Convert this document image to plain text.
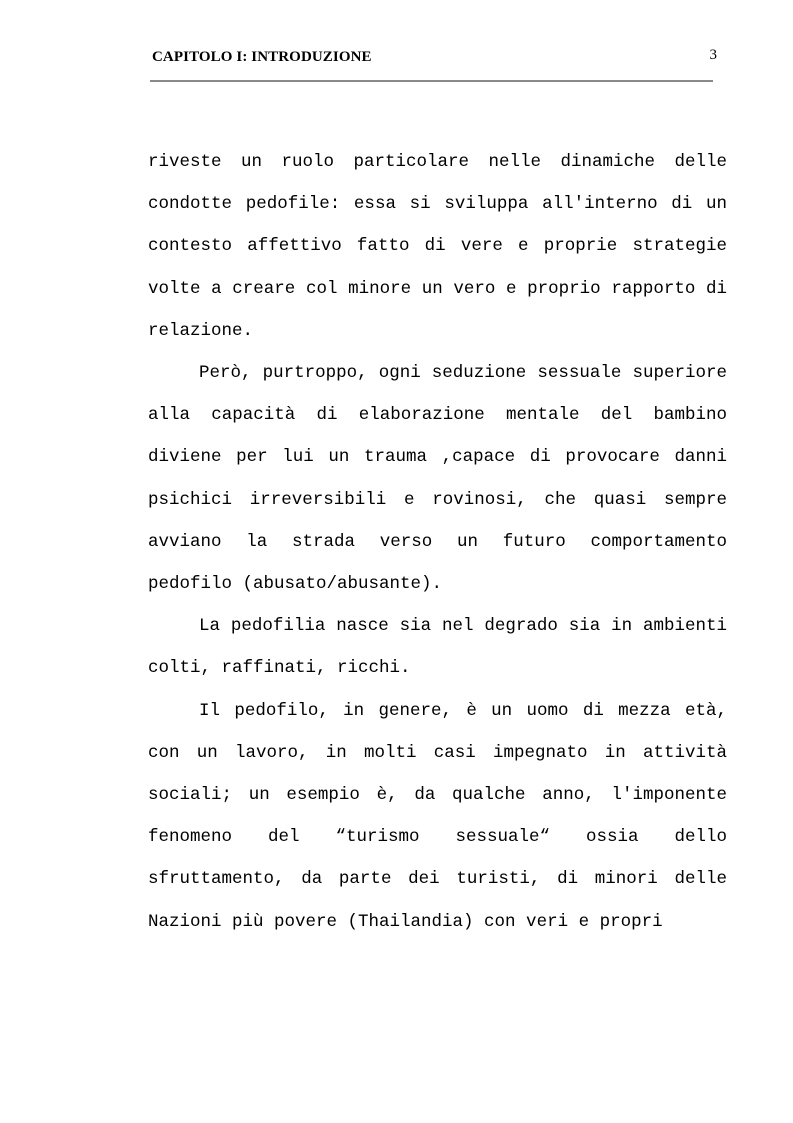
CAPITOLO I: INTRODUZIONE	3

riveste un ruolo particolare nelle dinamiche delle condotte pedofile: essa si sviluppa all'interno di un contesto affettivo fatto di vere e proprie strategie volte a creare col minore un vero e proprio rapporto di relazione.

Però, purtroppo, ogni seduzione sessuale superiore alla capacità di elaborazione mentale del bambino diviene per lui un trauma ,capace di provocare danni psichici irreversibili e rovinosi, che quasi sempre avviano la strada verso un futuro comportamento pedofilo (abusato/abusante).

La pedofilia nasce sia nel degrado sia in ambienti colti, raffinati, ricchi.

Il pedofilo, in genere, è un uomo di mezza età, con un lavoro, in molti casi impegnato in attività sociali; un esempio è, da qualche anno, l'imponente fenomeno del “turismo sessuale“ ossia dello sfruttamento, da parte dei turisti, di minori delle Nazioni più povere (Thailandia) con veri e propri
